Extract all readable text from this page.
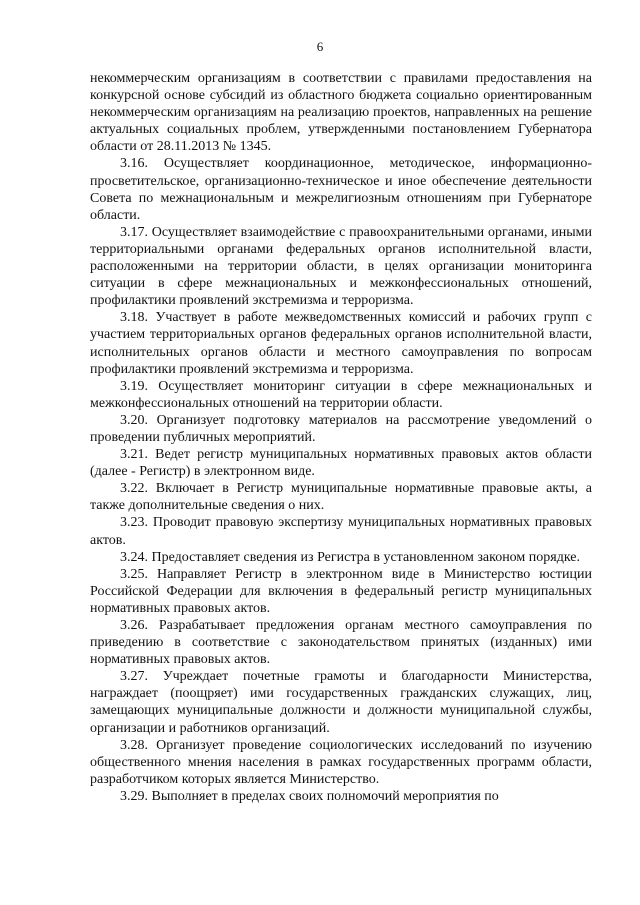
6

некоммерческим организациям в соответствии с правилами предоставления на конкурсной основе субсидий из областного бюджета социально ориентированным некоммерческим организациям на реализацию проектов, направленных на решение актуальных социальных проблем, утвержденными постановлением Губернатора области от 28.11.2013 № 1345.

3.16. Осуществляет координационное, методическое, информационно-просветительское, организационно-техническое и иное обеспечение деятельности Совета по межнациональным и межрелигиозным отношениям при Губернаторе области.

3.17. Осуществляет взаимодействие с правоохранительными органами, иными территориальными органами федеральных органов исполнительной власти, расположенными на территории области, в целях организации мониторинга ситуации в сфере межнациональных и межконфессиональных отношений, профилактики проявлений экстремизма и терроризма.

3.18. Участвует в работе межведомственных комиссий и рабочих групп с участием территориальных органов федеральных органов исполнительной власти, исполнительных органов области и местного самоуправления по вопросам профилактики проявлений экстремизма и терроризма.

3.19. Осуществляет мониторинг ситуации в сфере межнациональных и межконфессиональных отношений на территории области.

3.20. Организует подготовку материалов на рассмотрение уведомлений о проведении публичных мероприятий.

3.21. Ведет регистр муниципальных нормативных правовых актов области (далее - Регистр) в электронном виде.

3.22. Включает в Регистр муниципальные нормативные правовые акты, а также дополнительные сведения о них.

3.23. Проводит правовую экспертизу муниципальных нормативных правовых актов.

3.24. Предоставляет сведения из Регистра в установленном законом порядке.

3.25. Направляет Регистр в электронном виде в Министерство юстиции Российской Федерации для включения в федеральный регистр муниципальных нормативных правовых актов.

3.26. Разрабатывает предложения органам местного самоуправления по приведению в соответствие с законодательством принятых (изданных) ими нормативных правовых актов.

3.27. Учреждает почетные грамоты и благодарности Министерства, награждает (поощряет) ими государственных гражданских служащих, лиц, замещающих муниципальные должности и должности муниципальной службы, организации и работников организаций.

3.28. Организует проведение социологических исследований по изучению общественного мнения населения в рамках государственных программ области, разработчиком которых является Министерство.

3.29. Выполняет в пределах своих полномочий мероприятия по
